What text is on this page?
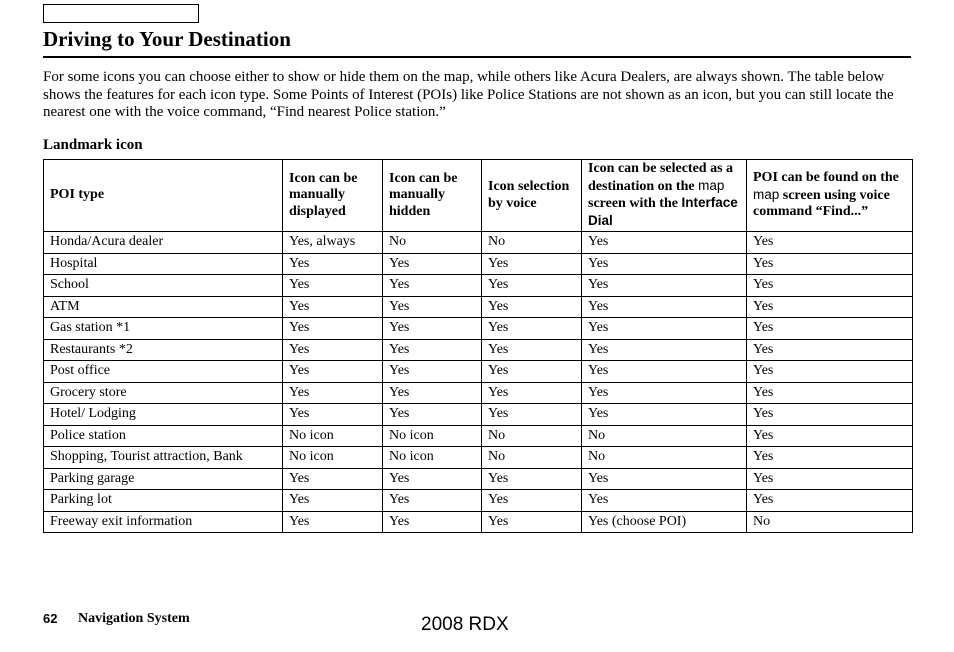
Driving to Your Destination

For some icons you can choose either to show or hide them on the map, while others like Acura Dealers, are always shown. The table below shows the features for each icon type. Some Points of Interest (POIs) like Police Stations are not shown as an icon, but you can still locate the nearest one with the voice command, “Find nearest Police station.”

Landmark icon
POI type	Icon can be manually displayed	Icon can be manually hidden	Icon selection by voice	Icon can be selected as a destination on the map screen with the Interface Dial	POI can be found on the map screen using voice command “Find...”
Honda/Acura dealer	Yes, always	No	No	Yes	Yes
Hospital	Yes	Yes	Yes	Yes	Yes
School	Yes	Yes	Yes	Yes	Yes
ATM	Yes	Yes	Yes	Yes	Yes
Gas station *1	Yes	Yes	Yes	Yes	Yes
Restaurants *2	Yes	Yes	Yes	Yes	Yes
Post office	Yes	Yes	Yes	Yes	Yes
Grocery store	Yes	Yes	Yes	Yes	Yes
Hotel/ Lodging	Yes	Yes	Yes	Yes	Yes
Police station	No icon	No icon	No	No	Yes
Shopping, Tourist attraction, Bank	No icon	No icon	No	No	Yes
Parking garage	Yes	Yes	Yes	Yes	Yes
Parking lot	Yes	Yes	Yes	Yes	Yes
Freeway exit information	Yes	Yes	Yes	Yes (choose POI)	No
62 Navigation System	2008 RDX
